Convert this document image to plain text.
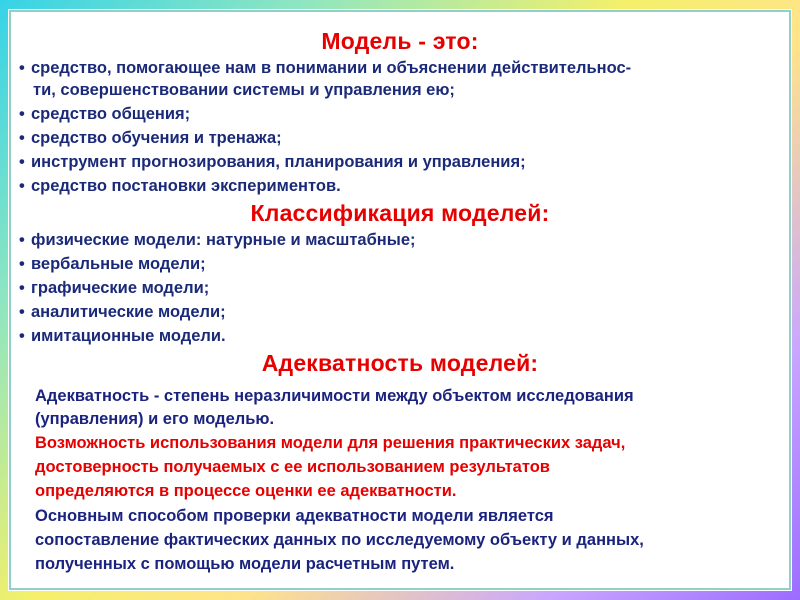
Модель - это:
• средство, помогающее нам в понимании и объяснении действительнос-
ти, совершенствовании системы и управления ею;
• средство общения;
• средство обучения и тренажа;
• инструмент прогнозирования, планирования и управления;
• средство постановки экспериментов.
Классификация моделей:
• физические модели: натурные и масштабные;
• вербальные модели;
• графические модели;
• аналитические модели;
• имитационные модели.
Адекватность моделей:
Адекватность - степень неразличимости между объектом исследования
(управления) и его моделью.
Возможность использования модели для решения практических задач,
достоверность получаемых с ее использованием результатов
определяются в процессе оценки ее адекватности.
Основным способом проверки адекватности модели является
сопоставление фактических данных по исследуемому объекту и данных,
полученных с помощью модели расчетным путем.
